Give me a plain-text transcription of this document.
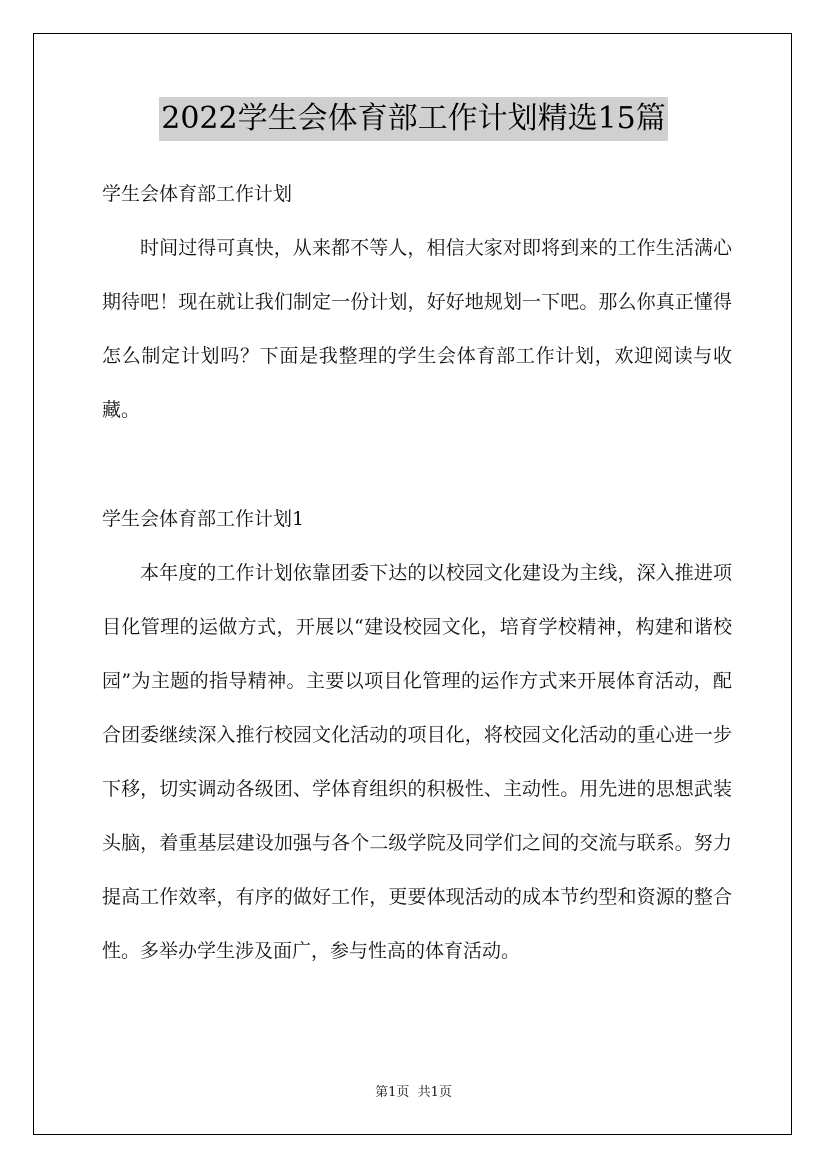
2022学生会体育部工作计划精选15篇

学生会体育部工作计划

时间过得可真快，从来都不等人，相信大家对即将到来的工作生活满心期待吧！现在就让我们制定一份计划，好好地规划一下吧。那么你真正懂得怎么制定计划吗？下面是我整理的学生会体育部工作计划，欢迎阅读与收藏。

学生会体育部工作计划1

本年度的工作计划依靠团委下达的以校园文化建设为主线，深入推进项目化管理的运做方式，开展以“建设校园文化，培育学校精神，构建和谐校园”为主题的指导精神。主要以项目化管理的运作方式来开展体育活动，配合团委继续深入推行校园文化活动的项目化，将校园文化活动的重心进一步下移，切实调动各级团、学体育组织的积极性、主动性。用先进的思想武装头脑，着重基层建设加强与各个二级学院及同学们之间的交流与联系。努力提高工作效率，有序的做好工作，更要体现活动的成本节约型和资源的整合性。多举办学生涉及面广，参与性高的体育活动。

第1页  共1页
